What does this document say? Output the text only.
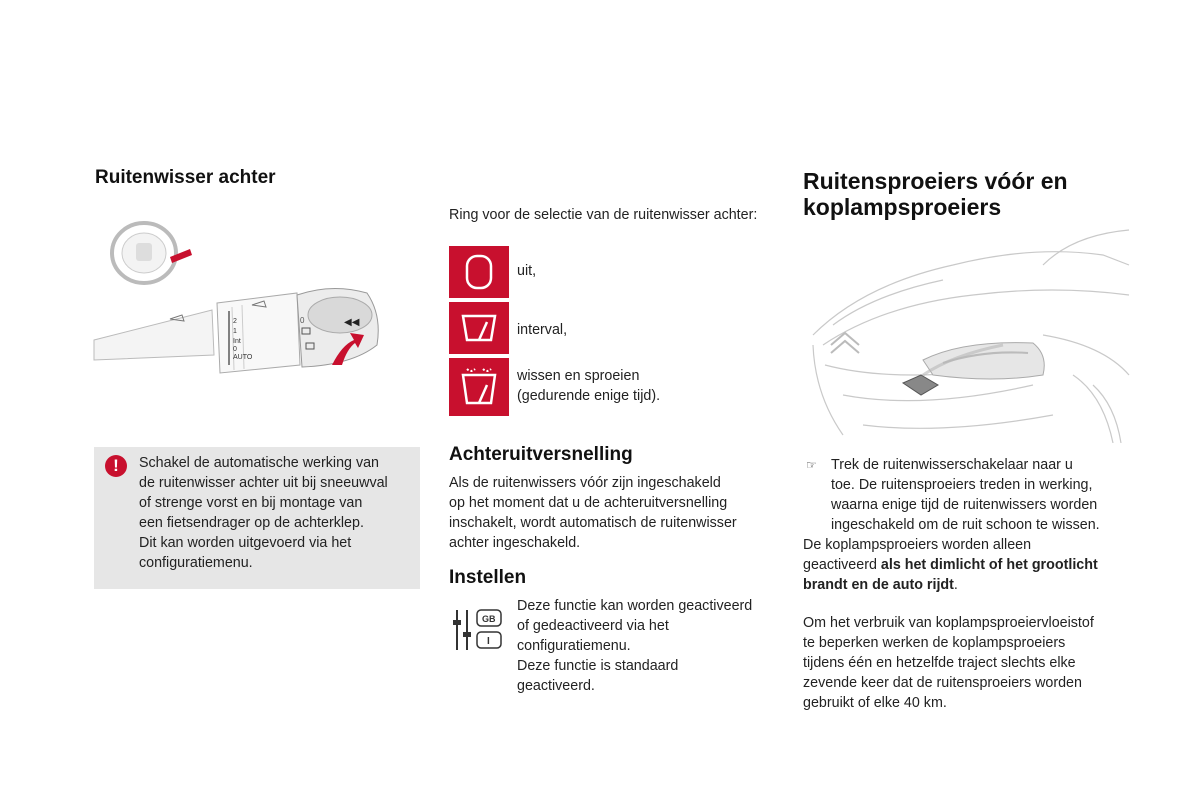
Ruitenwisser achter
2
1
Int
0
AUTO
◀◀
0
!	Schakel de automatische werking van
de ruitenwisser achter uit bij sneeuwval
of strenge vorst en bij montage van
een fietsendrager op de achterklep.
Dit kan worden uitgevoerd via het
configuratiemenu.
Ring voor de selectie van de ruitenwisser achter:
uit,
interval,
wissen en sproeien
(gedurende enige tijd).
Achteruitversnelling
Als de ruitenwissers vóór zijn ingeschakeld
op het moment dat u de achteruitversnelling
inschakelt, wordt automatisch de ruitenwisser
achter ingeschakeld.
Instellen
GB
I
Deze functie kan worden geactiveerd
of gedeactiveerd via het
configuratiemenu.
Deze functie is standaard
geactiveerd.
Ruitensproeiers vóór en
koplampsproeiers
☞ Trek de ruitenwisserschakelaar naar u
toe. De ruitensproeiers treden in werking,
waarna enige tijd de ruitenwissers worden
ingeschakeld om de ruit schoon te wissen.
De koplampsproeiers worden alleen
geactiveerd als het dimlicht of het grootlicht
brandt en de auto rijdt.
Om het verbruik van koplampsproeiervloeistof
te beperken werken de koplampsproeiers
tijdens één en hetzelfde traject slechts elke
zevende keer dat de ruitensproeiers worden
gebruikt of elke 40 km.
